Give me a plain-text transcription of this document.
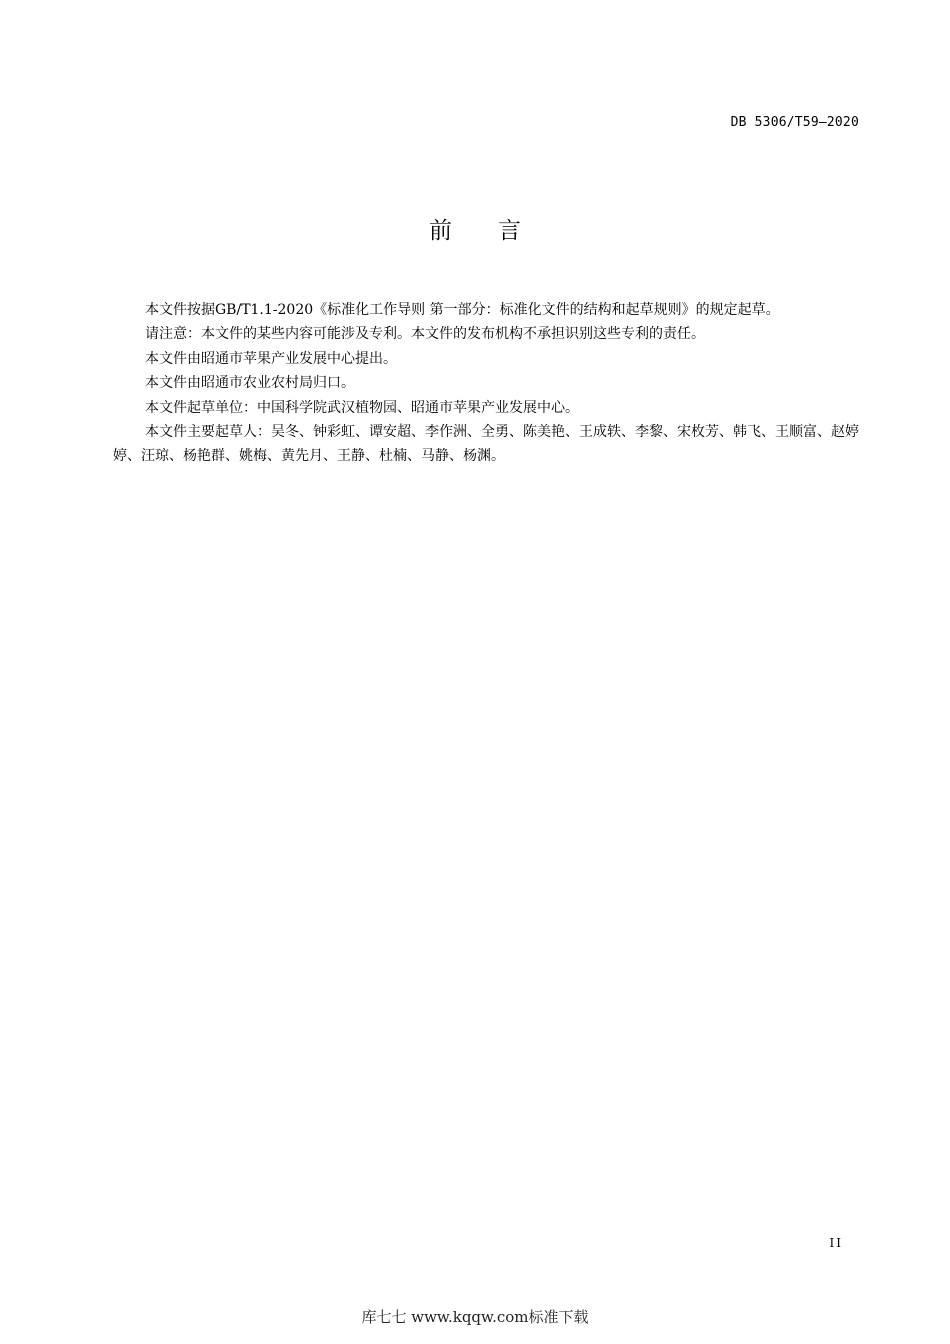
DB 5306/T59—2020
前言

本文件按据GB/T1.1-2020《标准化工作导则 第一部分：标准化文件的结构和起草规则》的规定起草。

请注意：本文件的某些内容可能涉及专利。本文件的发布机构不承担识别这些专利的责任。

本文件由昭通市苹果产业发展中心提出。

本文件由昭通市农业农村局归口。

本文件起草单位：中国科学院武汉植物园、昭通市苹果产业发展中心。

本文件主要起草人：吴冬、钟彩虹、谭安超、李作洲、全勇、陈美艳、王成轶、李黎、宋枚芳、韩飞、王顺富、赵婷婷、汪琼、杨艳群、姚梅、黄先月、王静、杜楠、马静、杨渊。

II
库七七 www.kqqw.com标准下载
